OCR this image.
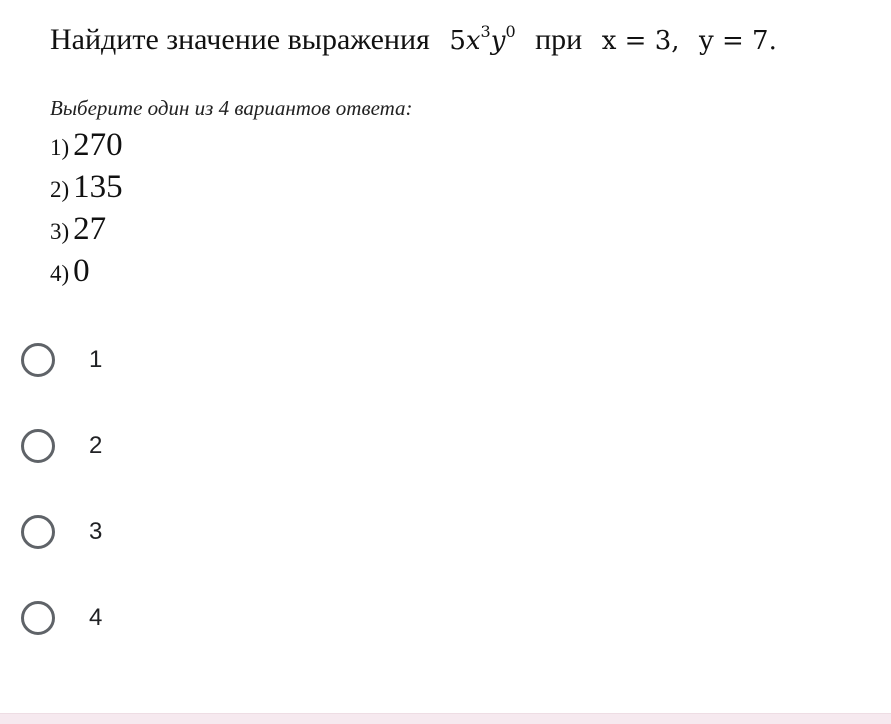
Найдите значение выражения $5x^3y^0$ при x = 3, y = 7.
Выберите один из 4 вариантов ответа:
1) 270
2) 135
3) 27
4) 0
1
2
3
4
